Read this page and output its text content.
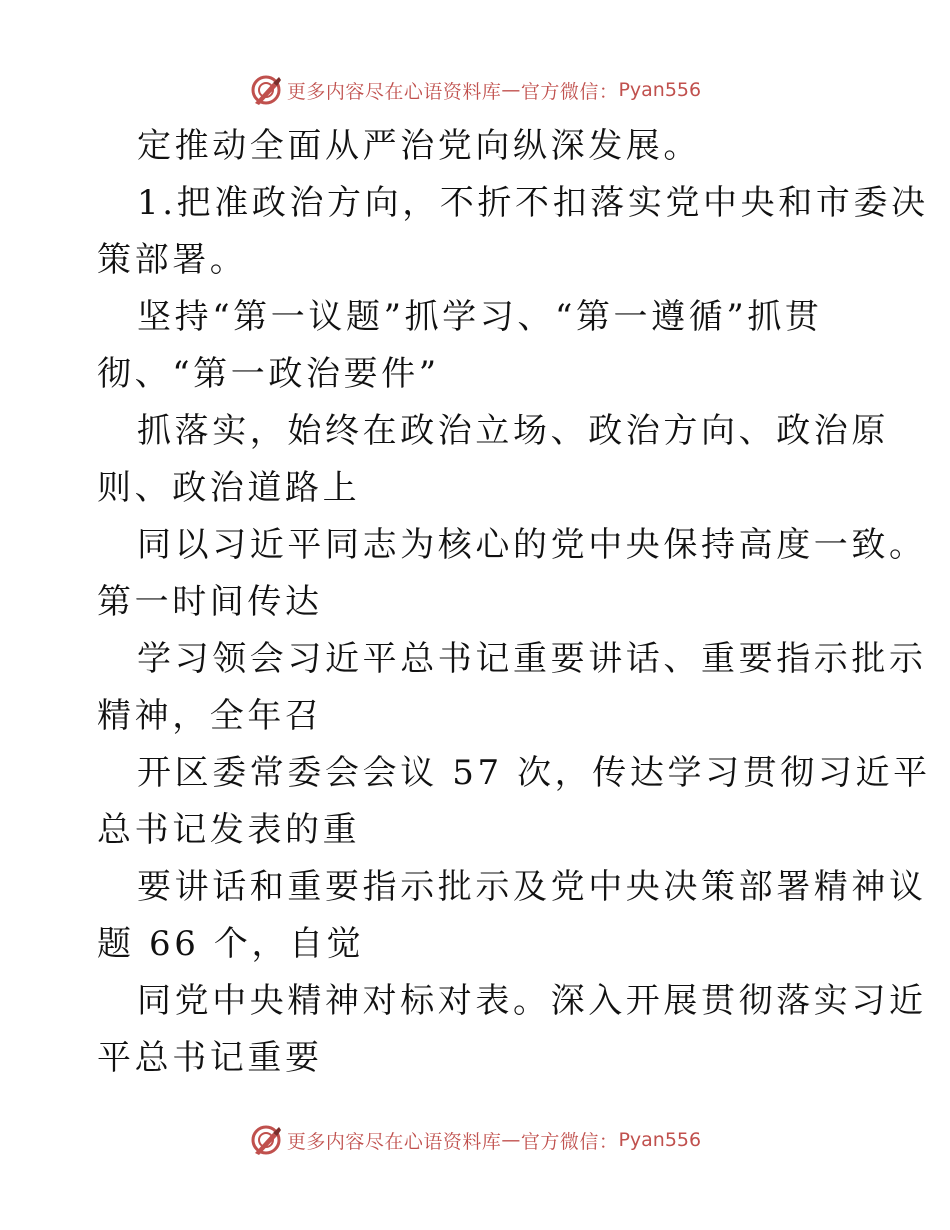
更多内容尽在心语资料库 — 官方微信： Pyan556
定推动全面从严治党向纵深发展。
1.把准政治方向，不折不扣落实党中央和市委决
策部署。
坚持“第一议题”抓学习、“第一遵循”抓贯
彻、“第一政治要件”
抓落实，始终在政治立场、政治方向、政治原
则、政治道路上
同以习近平同志为核心的党中央保持高度一致。
第一时间传达
学习领会习近平总书记重要讲话、重要指示批示
精神，全年召
开区委常委会会议 57 次，传达学习贯彻习近平
总书记发表的重
要讲话和重要指示批示及党中央决策部署精神议
题 66 个，自觉
同党中央精神对标对表。深入开展贯彻落实习近
平总书记重要
更多内容尽在心语资料库 — 官方微信： Pyan556
